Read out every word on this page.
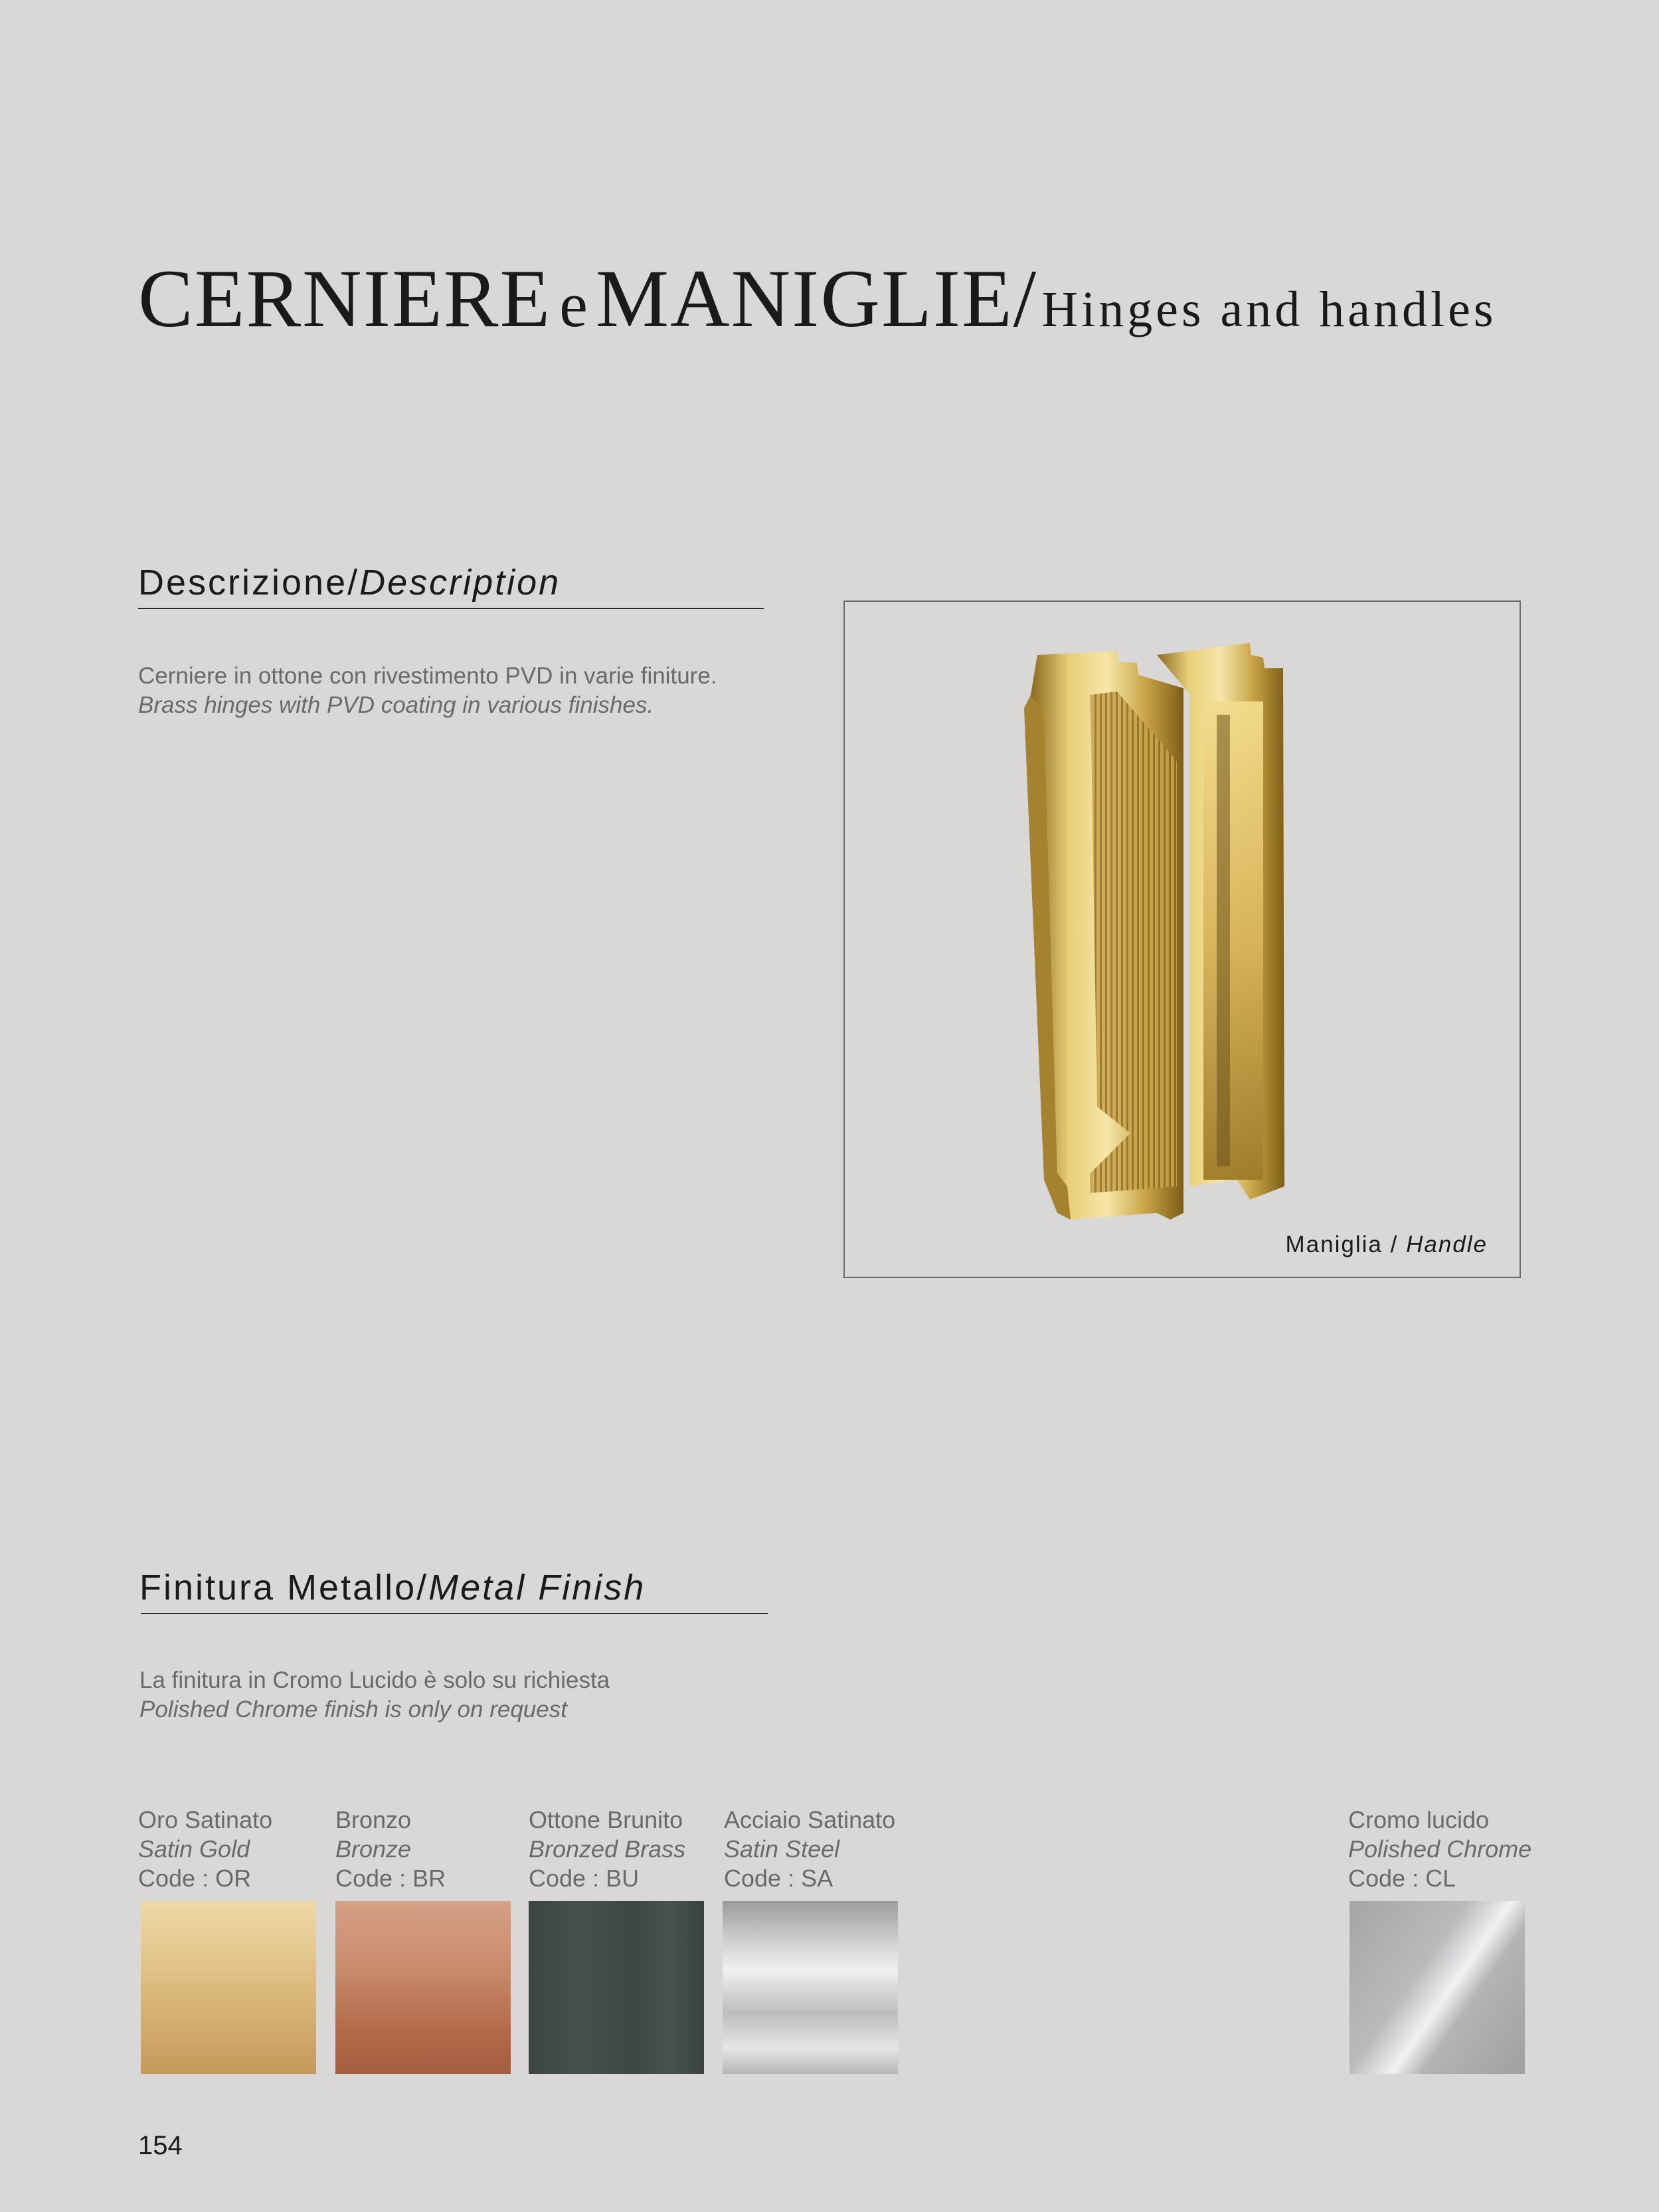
CERNIERE eMANIGLIE/ Hinges and handles
Descrizione/Description
Cerniere in ottone con rivestimento PVD in varie finiture.
Brass hinges with PVD coating in various finishes.
Maniglia / Handle
Finitura Metallo/Metal Finish
La finitura in Cromo Lucido è solo su richiesta
Polished Chrome finish is only on request
Oro Satinato
Satin Gold
Code : OR
Bronzo
Bronze
Code : BR
Ottone Brunito
Bronzed Brass
Code : BU
Acciaio Satinato
Satin Steel
Code : SA
Cromo lucido
Polished Chrome
Code : CL
154
